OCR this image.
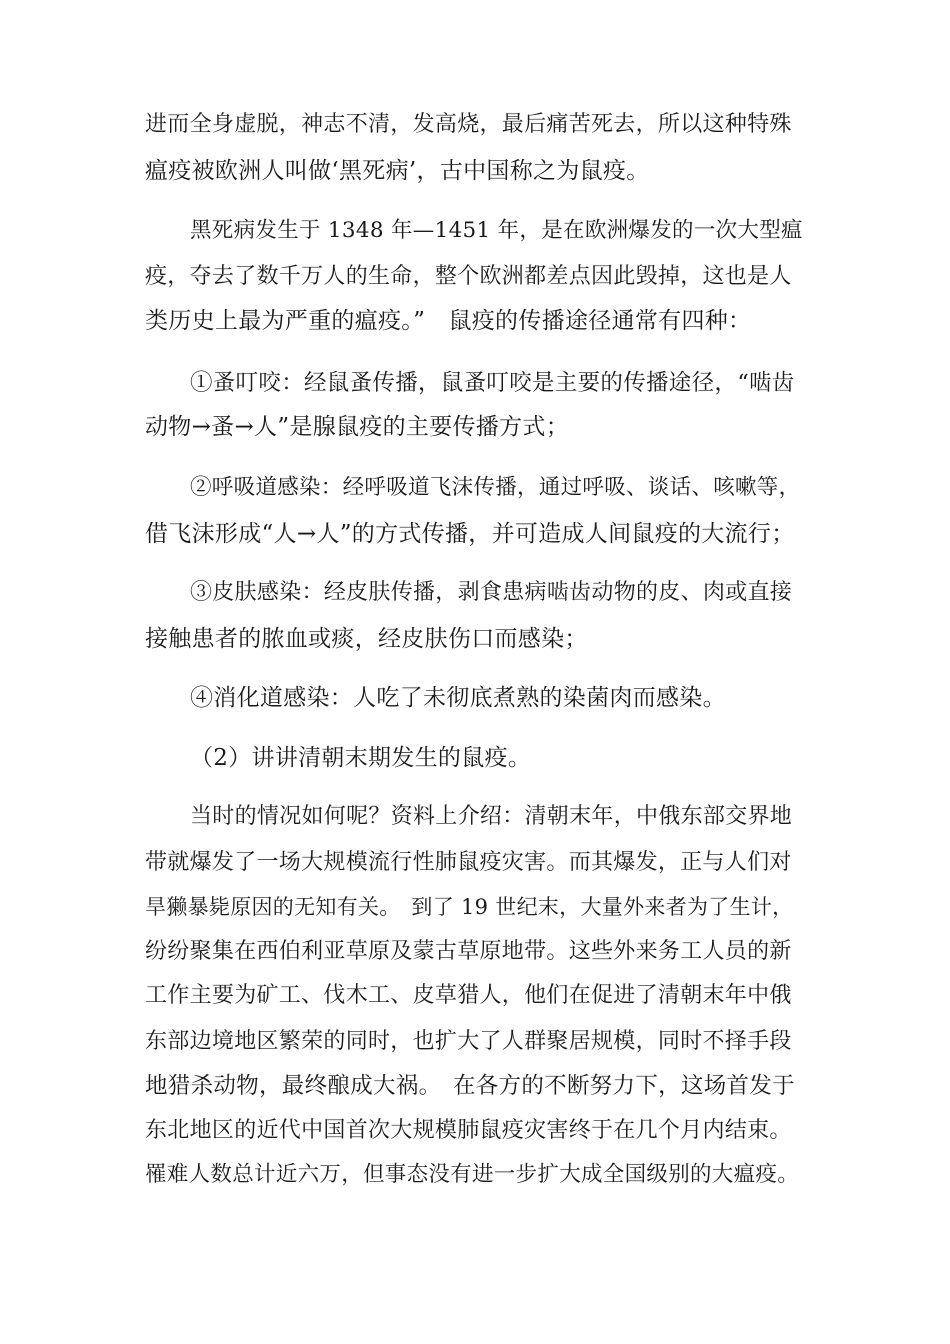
进而全身虚脱，神志不清，发高烧，最后痛苦死去，所以这种特殊

瘟疫被欧洲人叫做‘黑死病’，古中国称之为鼠疫。

黑死病发生于 1348 年—1451 年，是在欧洲爆发的一次大型瘟

疫，夺去了数千万人的生命，整个欧洲都差点因此毁掉，这也是人

类历史上最为严重的瘟疫。”　鼠疫的传播途径通常有四种：

①蚤叮咬：经鼠蚤传播，鼠蚤叮咬是主要的传播途径，“啮齿

动物→蚤→人”是腺鼠疫的主要传播方式；

②呼吸道感染：经呼吸道飞沫传播，通过呼吸、谈话、咳嗽等，

借飞沫形成“人→人”的方式传播，并可造成人间鼠疫的大流行；

③皮肤感染：经皮肤传播，剥食患病啮齿动物的皮、肉或直接

接触患者的脓血或痰，经皮肤伤口而感染；

④消化道感染：人吃了未彻底煮熟的染菌肉而感染。

（2）讲讲清朝末期发生的鼠疫。

当时的情况如何呢？资料上介绍：清朝末年，中俄东部交界地

带就爆发了一场大规模流行性肺鼠疫灾害。而其爆发，正与人们对

旱獭暴毙原因的无知有关。　到了 19 世纪末，大量外来者为了生计，

纷纷聚集在西伯利亚草原及蒙古草原地带。这些外来务工人员的新

工作主要为矿工、伐木工、皮草猎人，他们在促进了清朝末年中俄

东部边境地区繁荣的同时，也扩大了人群聚居规模，同时不择手段

地猎杀动物，最终酿成大祸。　在各方的不断努力下，这场首发于

东北地区的近代中国首次大规模肺鼠疫灾害终于在几个月内结束。

罹难人数总计近六万，但事态没有进一步扩大成全国级别的大瘟疫。
